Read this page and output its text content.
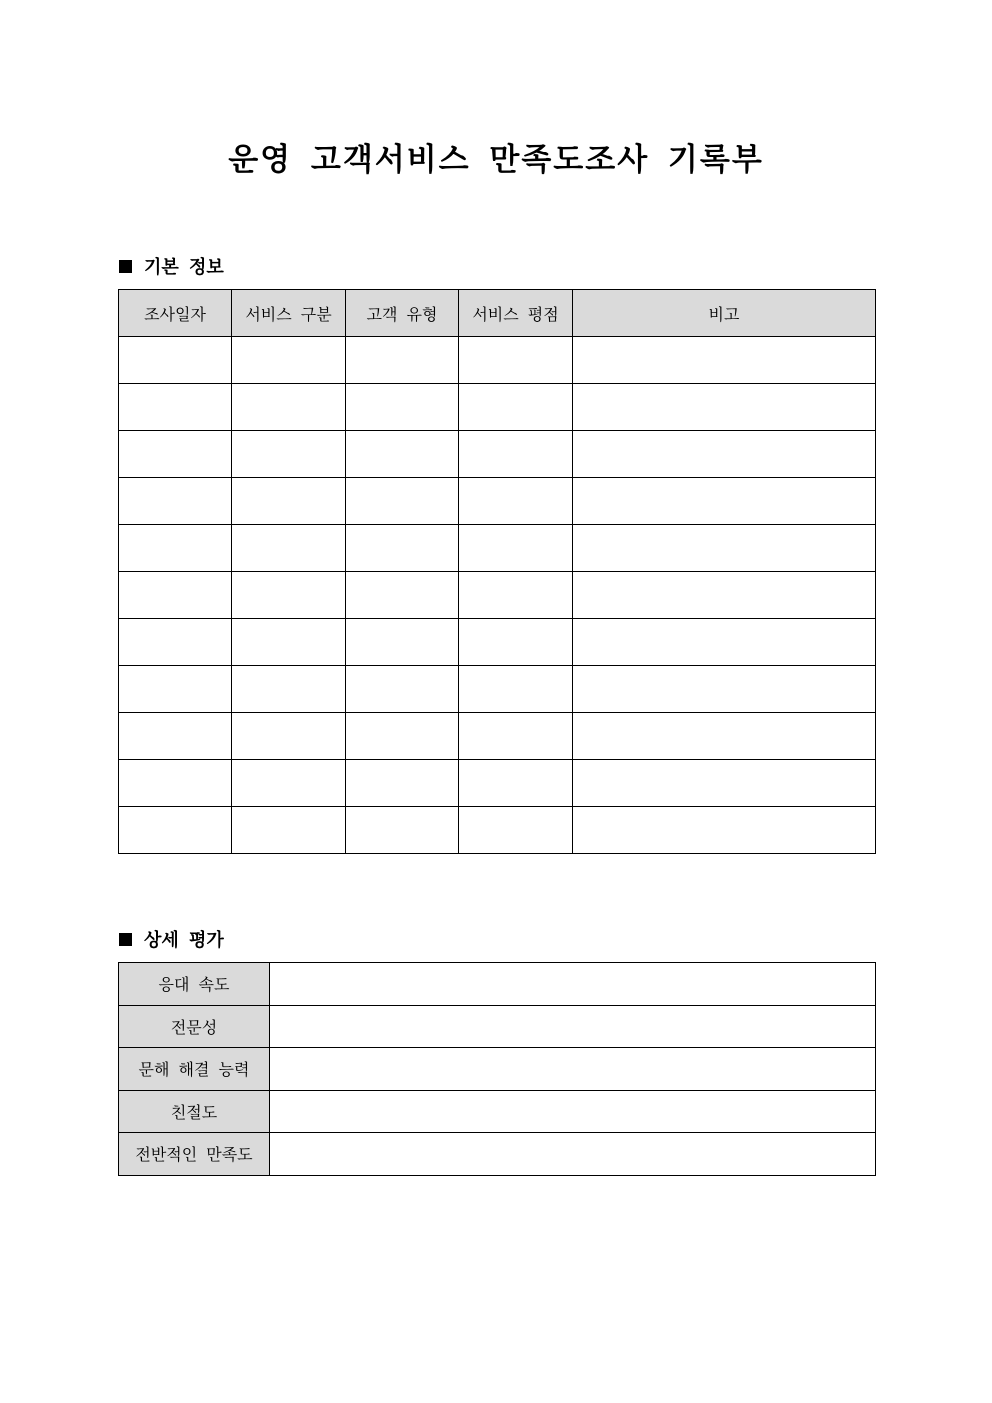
운영 고객서비스 만족도조사 기록부
기본 정보
조사일자	서비스 구분	고객 유형	서비스 평점	비고

상세 평가
응대 속도	
전문성	
문해 해결 능력	
친절도	
전반적인 만족도	
